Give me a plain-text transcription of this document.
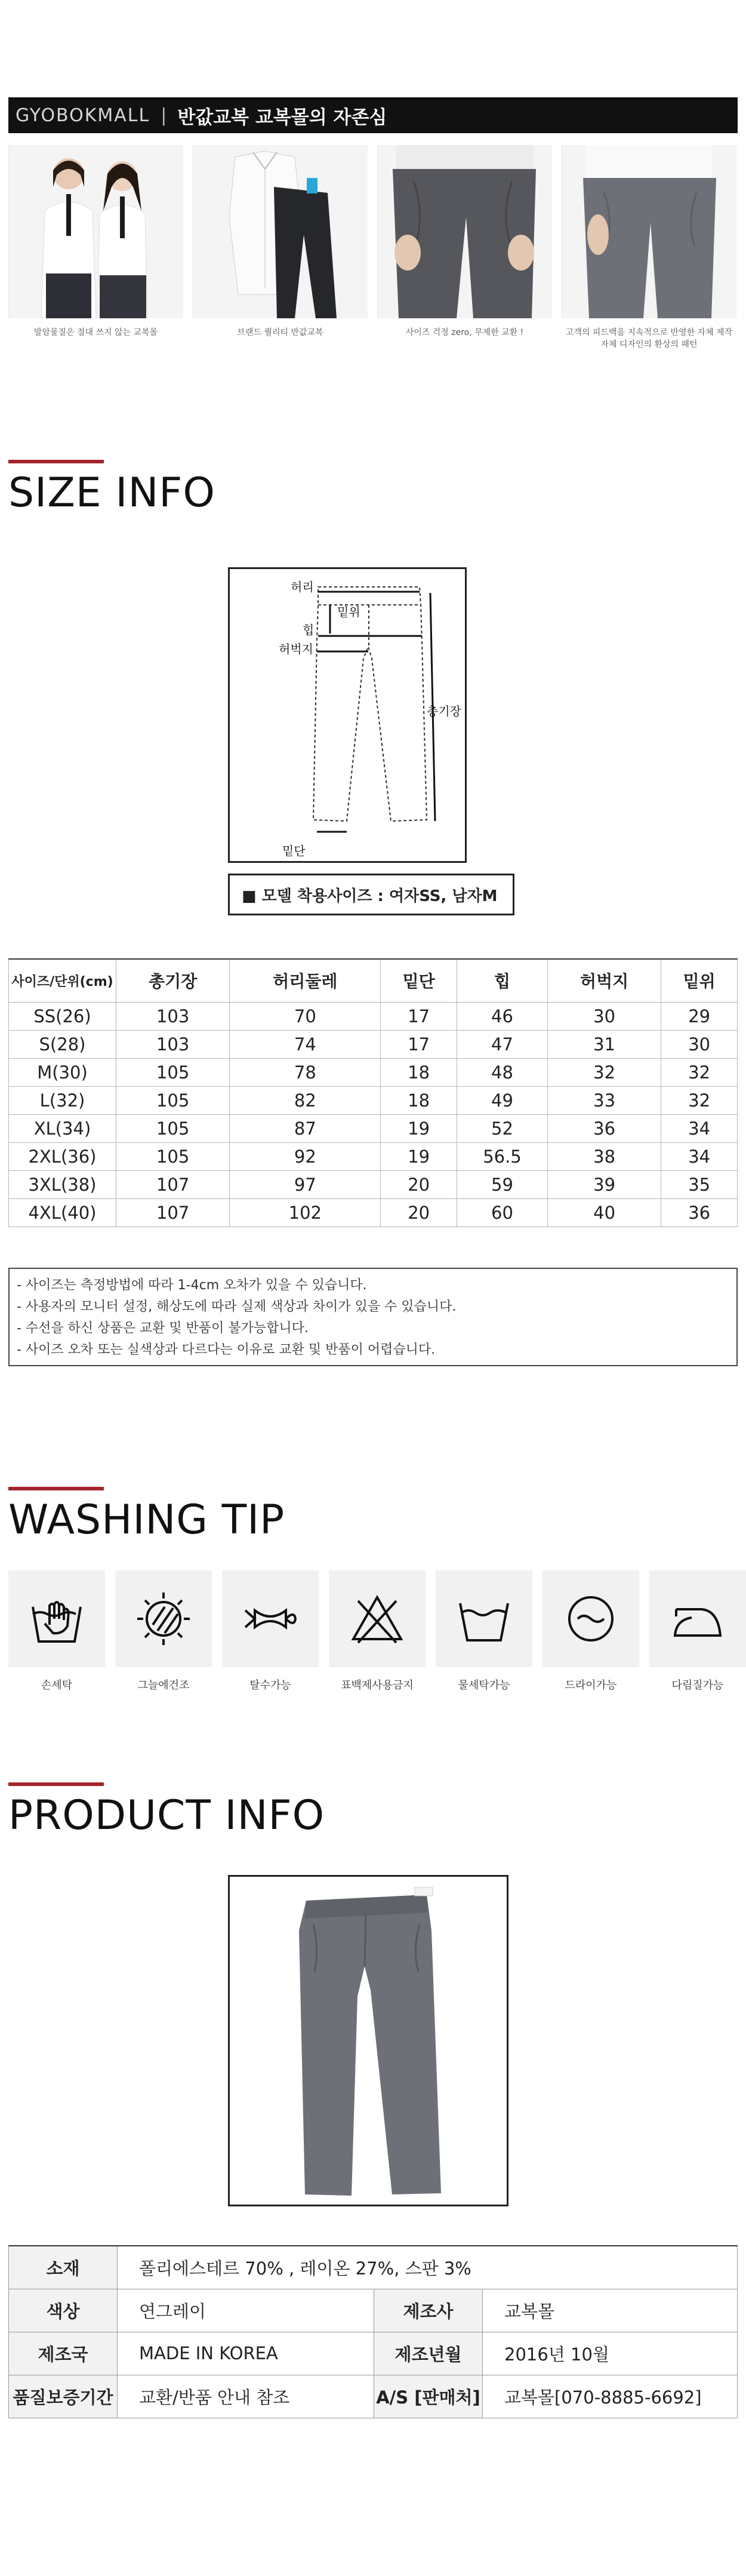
GYOBOKMALL | 반값교복 교복몰의 자존심
발암물질은 절대 쓰지 않는 교복몰	브랜드 퀄리티 반값교복	사이즈 걱정 zero, 무제한 교환 !	고객의 피드백을 지속적으로 반영한 자체 제작 자체 디자인의 환상의 패턴
SIZE INFO
허리
밑위
힙
허벅지
총기장
밑단
■ 모델 착용사이즈 : 여자SS, 남자M
사이즈/단위(cm)	총기장	허리둘레	밑단	힙	허벅지	밑위
SS(26)	103	70	17	46	30	29
S(28)	103	74	17	47	31	30
M(30)	105	78	18	48	32	32
L(32)	105	82	18	49	33	32
XL(34)	105	87	19	52	36	34
2XL(36)	105	92	19	56.5	38	34
3XL(38)	107	97	20	59	39	35
4XL(40)	107	102	20	60	40	36
- 사이즈는 측정방법에 따라 1-4cm 오차가 있을 수 있습니다.
- 사용자의 모니터 설정, 해상도에 따라 실제 색상과 차이가 있을 수 있습니다.
- 수선을 하신 상품은 교환 및 반품이 불가능합니다.
- 사이즈 오차 또는 실색상과 다르다는 이유로 교환 및 반품이 어렵습니다.
WASHING TIP
손세탁	그늘에건조	탈수가능	표백제사용금지	물세탁가능	드라이가능	다림질가능
PRODUCT INFO
소재	폴리에스테르 70% , 레이온 27%, 스판 3%		
색상	연그레이	제조사	교복몰
제조국	MADE IN KOREA	제조년월	2016년 10월
품질보증기간	교환/반품 안내 참조	A/S [판매처]	교복몰[070-8885-6692]
